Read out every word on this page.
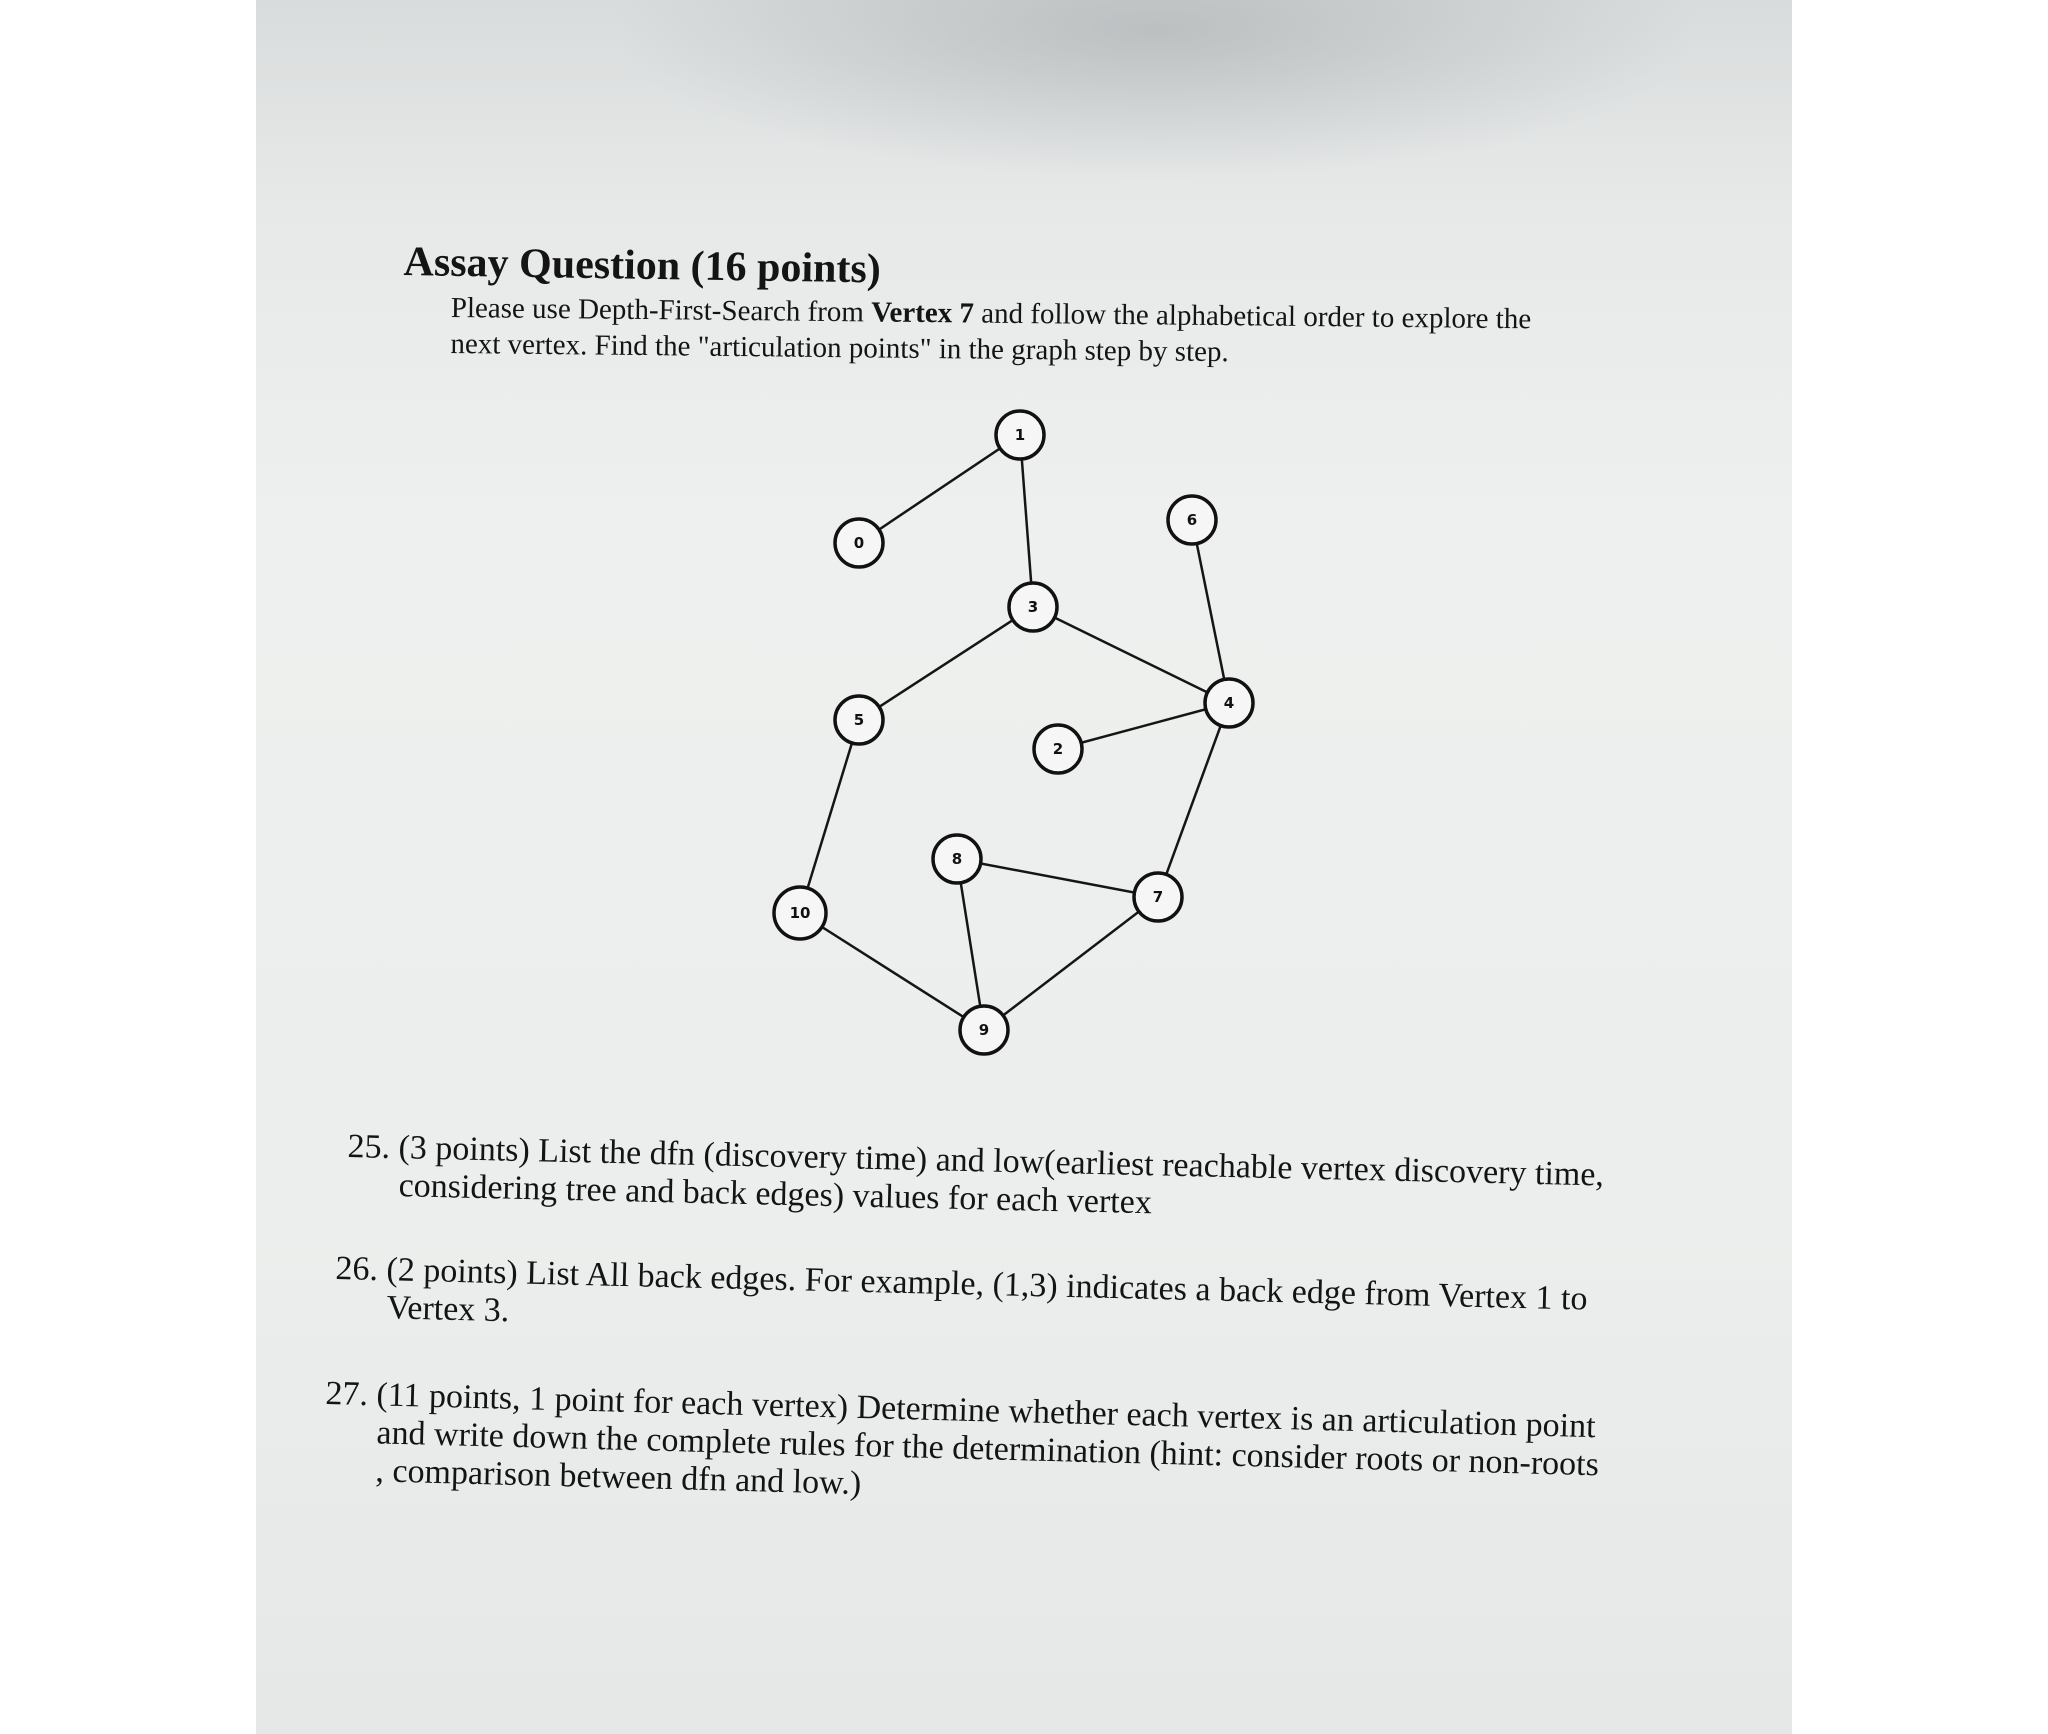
Assay Question (16 points)
Please use Depth-First-Search from Vertex 7 and follow the alphabetical order to explore the next vertex. Find the "articulation points" in the graph step by step.
0
1
2
3
4
5
6
7
8
9
10
25. (3 points) List the dfn (discovery time) and low(earliest reachable vertex discovery time, considering tree and back edges) values for each vertex
26. (2 points) List All back edges. For example, (1,3) indicates a back edge from Vertex 1 to Vertex 3.
27. (11 points, 1 point for each vertex) Determine whether each vertex is an articulation point and write down the complete rules for the determination (hint: consider roots or non-roots , comparison between dfn and low.)
